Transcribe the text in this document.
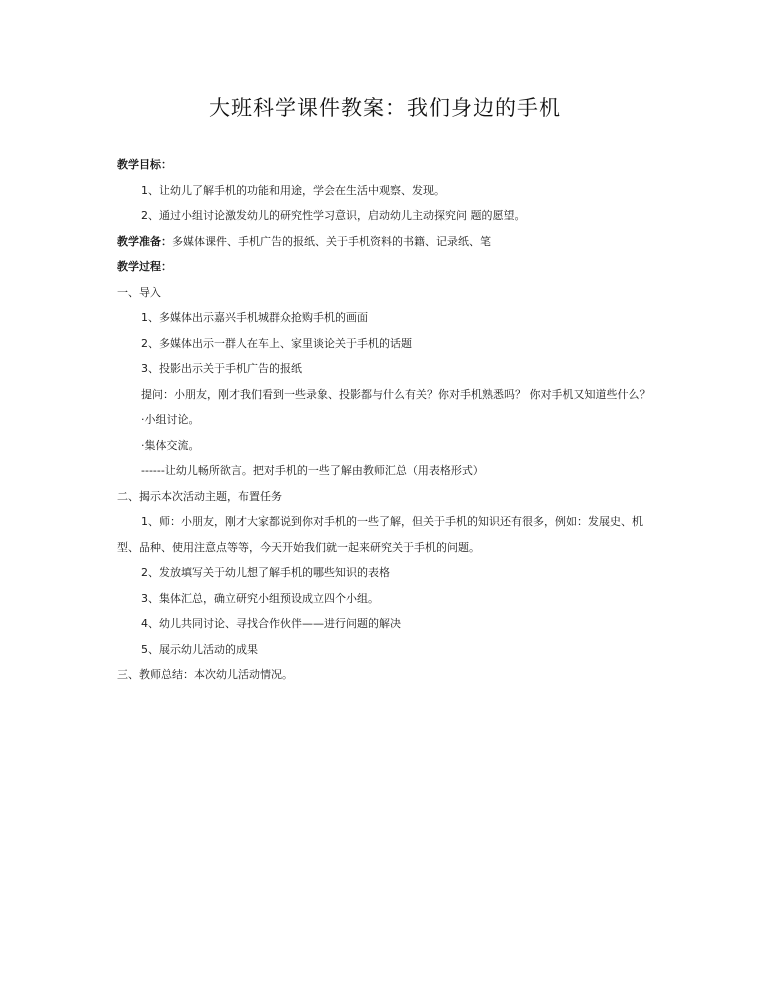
大班科学课件教案：我们身边的手机

教学目标：

1、让幼儿了解手机的功能和用途，学会在生活中观察、发现。

2、通过小组讨论激发幼儿的研究性学习意识，启动幼儿主动探究问 题的愿望。

教学准备：多媒体课件、手机广告的报纸、关于手机资料的书籍、记录纸、笔

教学过程：

一、导入

1、多媒体出示嘉兴手机城群众抢购手机的画面

2、多媒体出示一群人在车上、家里谈论关于手机的话题

3、投影出示关于手机广告的报纸

提问：小朋友，刚才我们看到一些录象、投影都与什么有关？你对手机熟悉吗？ 你对手机又知道些什么？

·小组讨论。

·集体交流。

------让幼儿畅所欲言。把对手机的一些了解由教师汇总（用表格形式）

二、揭示本次活动主题，布置任务

1、师：小朋友，刚才大家都说到你对手机的一些了解，但关于手机的知识还有很多，例如：发展史、机型、品种、使用注意点等等，今天开始我们就一起来研究关于手机的问题。

2、发放填写关于幼儿想了解手机的哪些知识的表格

3、集体汇总，确立研究小组预设成立四个小组。

4、幼儿共同讨论、寻找合作伙伴——进行问题的解决

5、展示幼儿活动的成果

三、教师总结：本次幼儿活动情况。
